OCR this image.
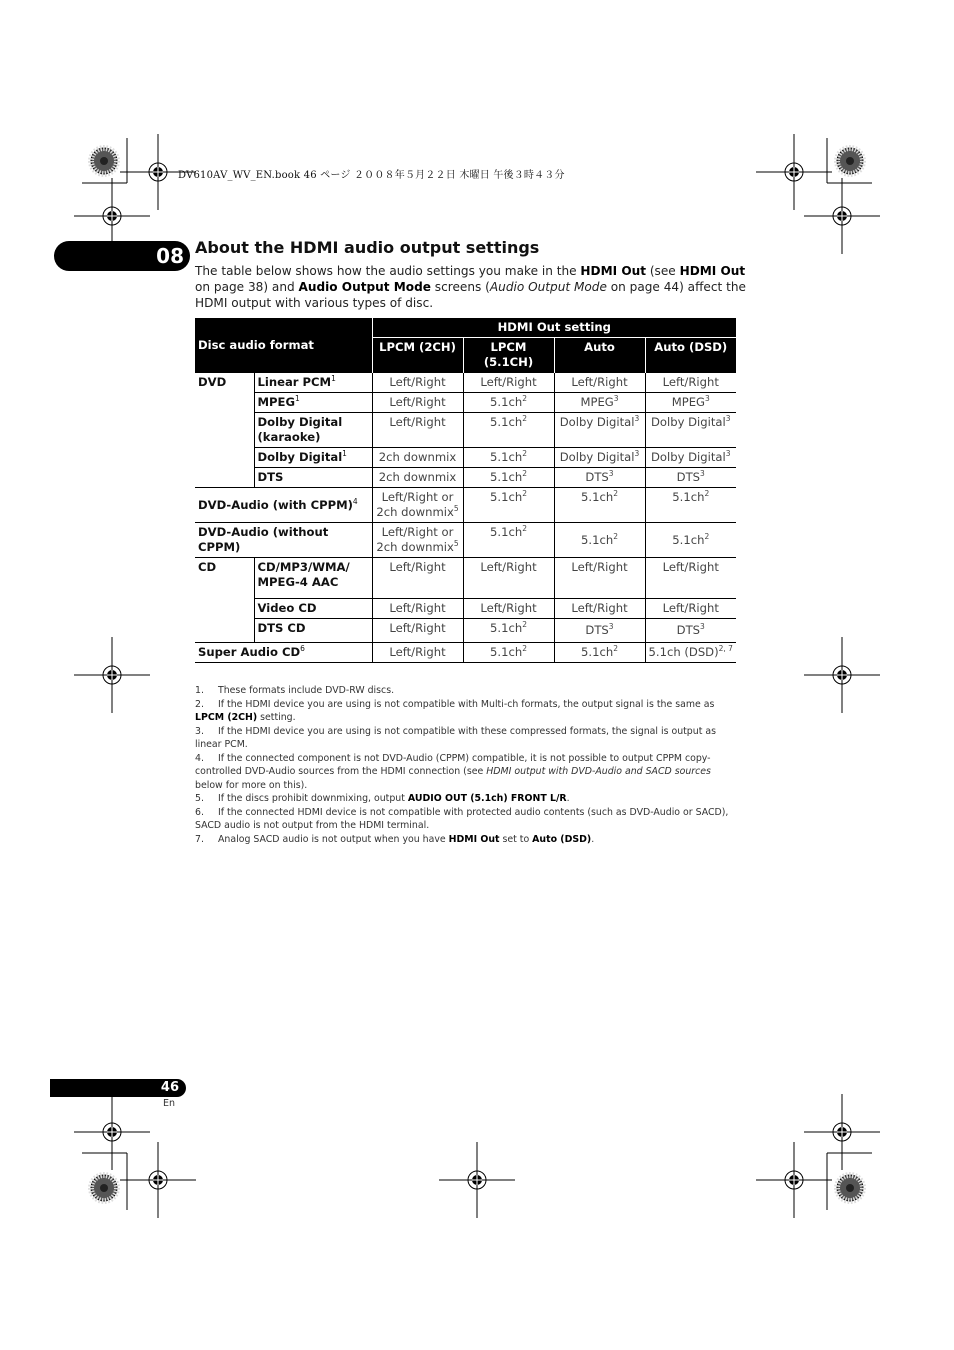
DV610AV_WV_EN.book 46 ページ ２００８年５月２２日 木曜日 午後３時４３分
08 About the HDMI audio output settings
The table below shows how the audio settings you make in the HDMI Out (see HDMI Out on page 38) and Audio Output Mode screens (Audio Output Mode on page 44) affect the HDMI output with various types of disc.
Disc audio format		HDMI Out setting			
		LPCM (2CH)	LPCM (5.1CH)	Auto	Auto (DSD)
DVD	Linear PCM$^1$	Left/Right	Left/Right	Left/Right	Left/Right
	MPEG$^1$	Left/Right	$5.1ch^2$	MPEG$^3$	MPEG$^3$
	Dolby Digital (karaoke)	Left/Right	$5.1ch^2$	Dolby Digital$^3$	Dolby Digital$^3$
	Dolby Digital$^1$	2ch downmix	$5.1ch^2$	Dolby Digital$^3$	Dolby Digital$^3$
	DTS	2ch downmix	$5.1ch^2$	DTS$^3$	DTS$^3$
DVD-Audio (with CPPM)$^4$		Left/Right or 2ch downmix$^5$	$5.1ch^2$	$5.1ch^2$	$5.1ch^2$
DVD-Audio (without CPPM)		Left/Right or 2ch downmix$^5$	$5.1ch^2$	$5.1ch^2$	$5.1ch^2$
CD	CD/MP3/WMA/ MPEG-4 AAC	Left/Right	Left/Right	Left/Right	Left/Right
	Video CD	Left/Right	Left/Right	Left/Right	Left/Right
	DTS CD	Left/Right	$5.1ch^2$	DTS$^3$	DTS$^3$
Super Audio $CD^6$		Left/Right	$5.1ch^2$	$5.1ch^2$	5.1ch (DSD)$^{2, 7}$

1. These formats include DVD-RW discs.

2. If the HDMI device you are using is not compatible with Multi-ch formats, the output signal is the same as LPCM (2CH) setting.

3. If the HDMI device you are using is not compatible with these compressed formats, the signal is output as linear PCM.

4. If the connected component is not DVD-Audio (CPPM) compatible, it is not possible to output CPPM copy-controlled DVD-Audio sources from the HDMI connection (see HDMI output with DVD-Audio and SACD sources below for more on this).

5. If the discs prohibit downmixing, output AUDIO OUT (5.1ch) FRONT L/R.

6. If the connected HDMI device is not compatible with protected audio contents (such as DVD-Audio or SACD), SACD audio is not output from the HDMI terminal.

7. Analog SACD audio is not output when you have HDMI Out set to Auto (DSD).

46
En
